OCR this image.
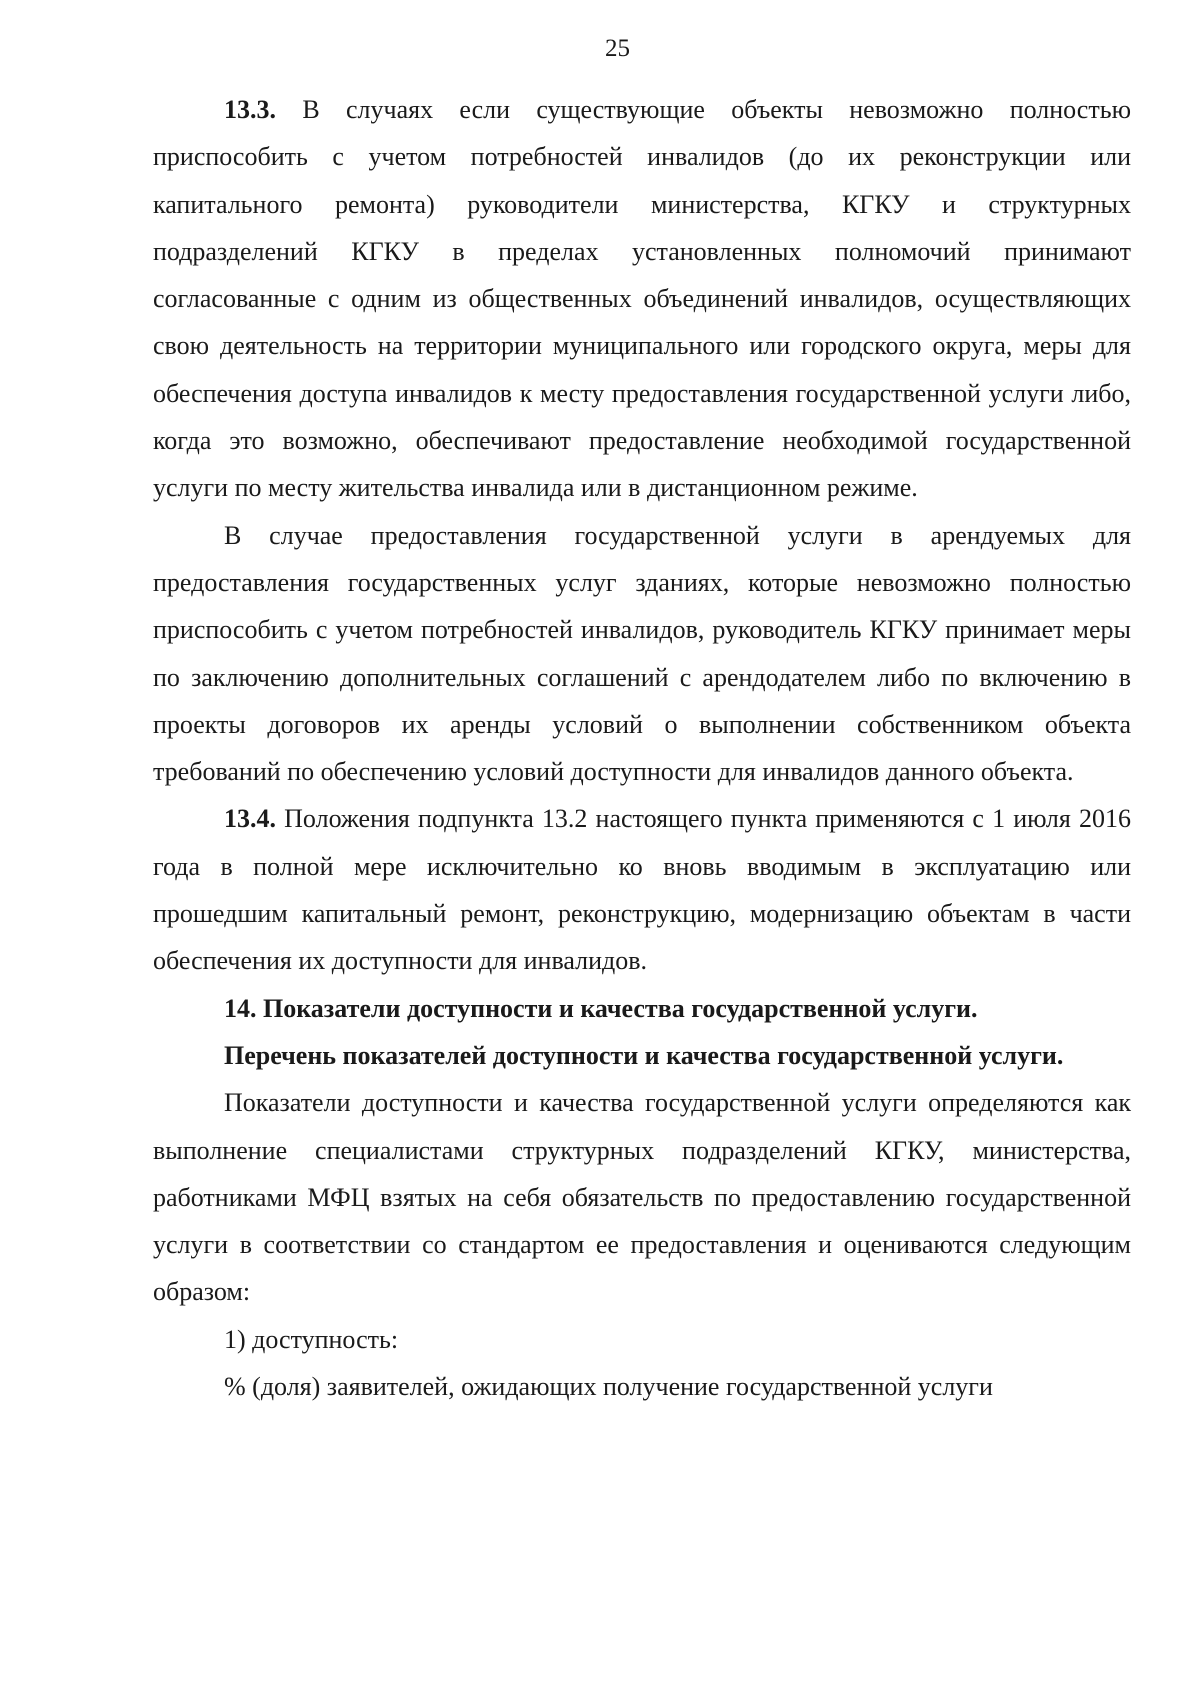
25

13.3. В случаях если существующие объекты невозможно полностью приспособить с учетом потребностей инвалидов (до их реконструкции или капитального ремонта) руководители министерства, КГКУ и структурных подразделений КГКУ в пределах установленных полномочий принимают согласованные с одним из общественных объединений инвалидов, осуществляющих свою деятельность на территории муниципального или городского округа, меры для обеспечения доступа инвалидов к месту предоставления государственной услуги либо, когда это возможно, обеспечивают предоставление необходимой государственной услуги по месту жительства инвалида или в дистанционном режиме.

В случае предоставления государственной услуги в арендуемых для предоставления государственных услуг зданиях, которые невозможно полностью приспособить с учетом потребностей инвалидов, руководитель КГКУ принимает меры по заключению дополнительных соглашений с арендодателем либо по включению в проекты договоров их аренды условий о выполнении собственником объекта требований по обеспечению условий доступности для инвалидов данного объекта.

13.4. Положения подпункта 13.2 настоящего пункта применяются с 1 июля 2016 года в полной мере исключительно ко вновь вводимым в эксплуатацию или прошедшим капитальный ремонт, реконструкцию, модернизацию объектам в части обеспечения их доступности для инвалидов.

14. Показатели доступности и качества государственной услуги.

Перечень показателей доступности и качества государственной услуги.

Показатели доступности и качества государственной услуги определяются как выполнение специалистами структурных подразделений КГКУ, министерства, работниками МФЦ взятых на себя обязательств по предоставлению государственной услуги в соответствии со стандартом ее предоставления и оцениваются следующим образом:

1) доступность:

% (доля) заявителей, ожидающих получение государственной услуги
